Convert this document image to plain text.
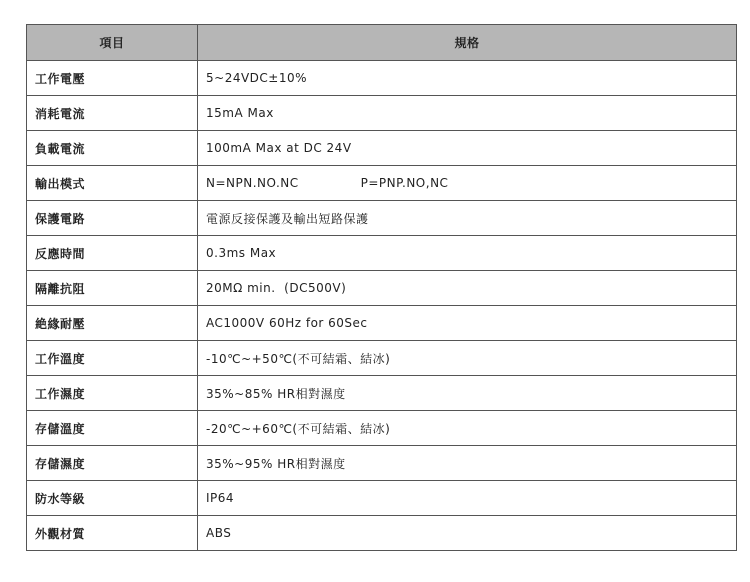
項目	規格
工作電壓	5~24VDC±10%
消耗電流	15mA Max
負載電流	100mA Max at DC 24V
輸出模式	N=NPN.NO.NC P=PNP.NO,NC
保護電路	電源反接保護及輸出短路保護
反應時間	0.3ms Max
隔離抗阻	20MΩ min.  (DC500V)
絶緣耐壓	AC1000V 60Hz for 60Sec
工作溫度	-10℃~+50℃(不可結霜、結冰)
工作濕度	35%~85% HR相對濕度
存儲溫度	-20℃~+60℃(不可結霜、結冰)
存儲濕度	35%~95% HR相對濕度
防水等級	IP64
外觀材質	ABS
